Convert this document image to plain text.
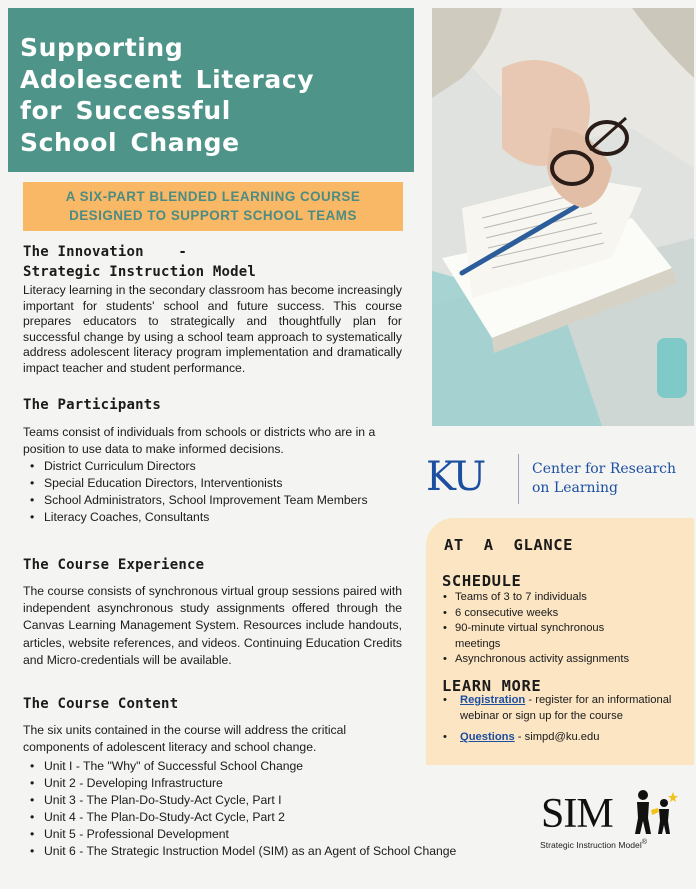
Supporting
Adolescent Literacy
for Successful
School Change
A SIX-PART BLENDED LEARNING COURSE
DESIGNED TO SUPPORT SCHOOL TEAMS
The Innovation    -
Strategic Instruction Model

Literacy learning in the secondary classroom has become increasingly important for students' school and future success. This course prepares educators to strategically and thoughtfully plan for successful change by using a school team approach to systematically address adolescent literacy program implementation and dramatically impact teacher and student performance.

The Participants

Teams consist of individuals from schools or districts who are in a position to use data to make informed decisions.

• District Curriculum Directors
• Special Education Directors, Interventionists
• School Administrators, School Improvement Team Members
• Literacy Coaches, Consultants
The Course Experience

The course consists of synchronous virtual group sessions paired with independent asynchronous study assignments offered through the Canvas Learning Management System. Resources include handouts, articles, website references, and videos. Continuing Education Credits and Micro-credentials will be available.

The Course Content

The six units contained in the course will address the critical components of adolescent literacy and school change.

• Unit I - The "Why" of Successful School Change
• Unit 2 - Developing Infrastructure
• Unit 3 - The Plan-Do-Study-Act Cycle, Part I
• Unit 4 - The Plan-Do-Study-Act Cycle, Part 2
• Unit 5 - Professional Development
• Unit 6 - The Strategic Instruction Model (SIM) as an Agent of School Change
KU	Center for Research
on Learning
AT  A  GLANCE
SCHEDULE
• Teams of 3 to 7 individuals
• 6 consecutive weeks
• 90-minute virtual synchronous meetings
• Asynchronous activity assignments
LEARN MORE
• Registration - register for an informational webinar or sign up for the course
• Questions - simpd@ku.edu
SIM
Strategic Instruction Model®
